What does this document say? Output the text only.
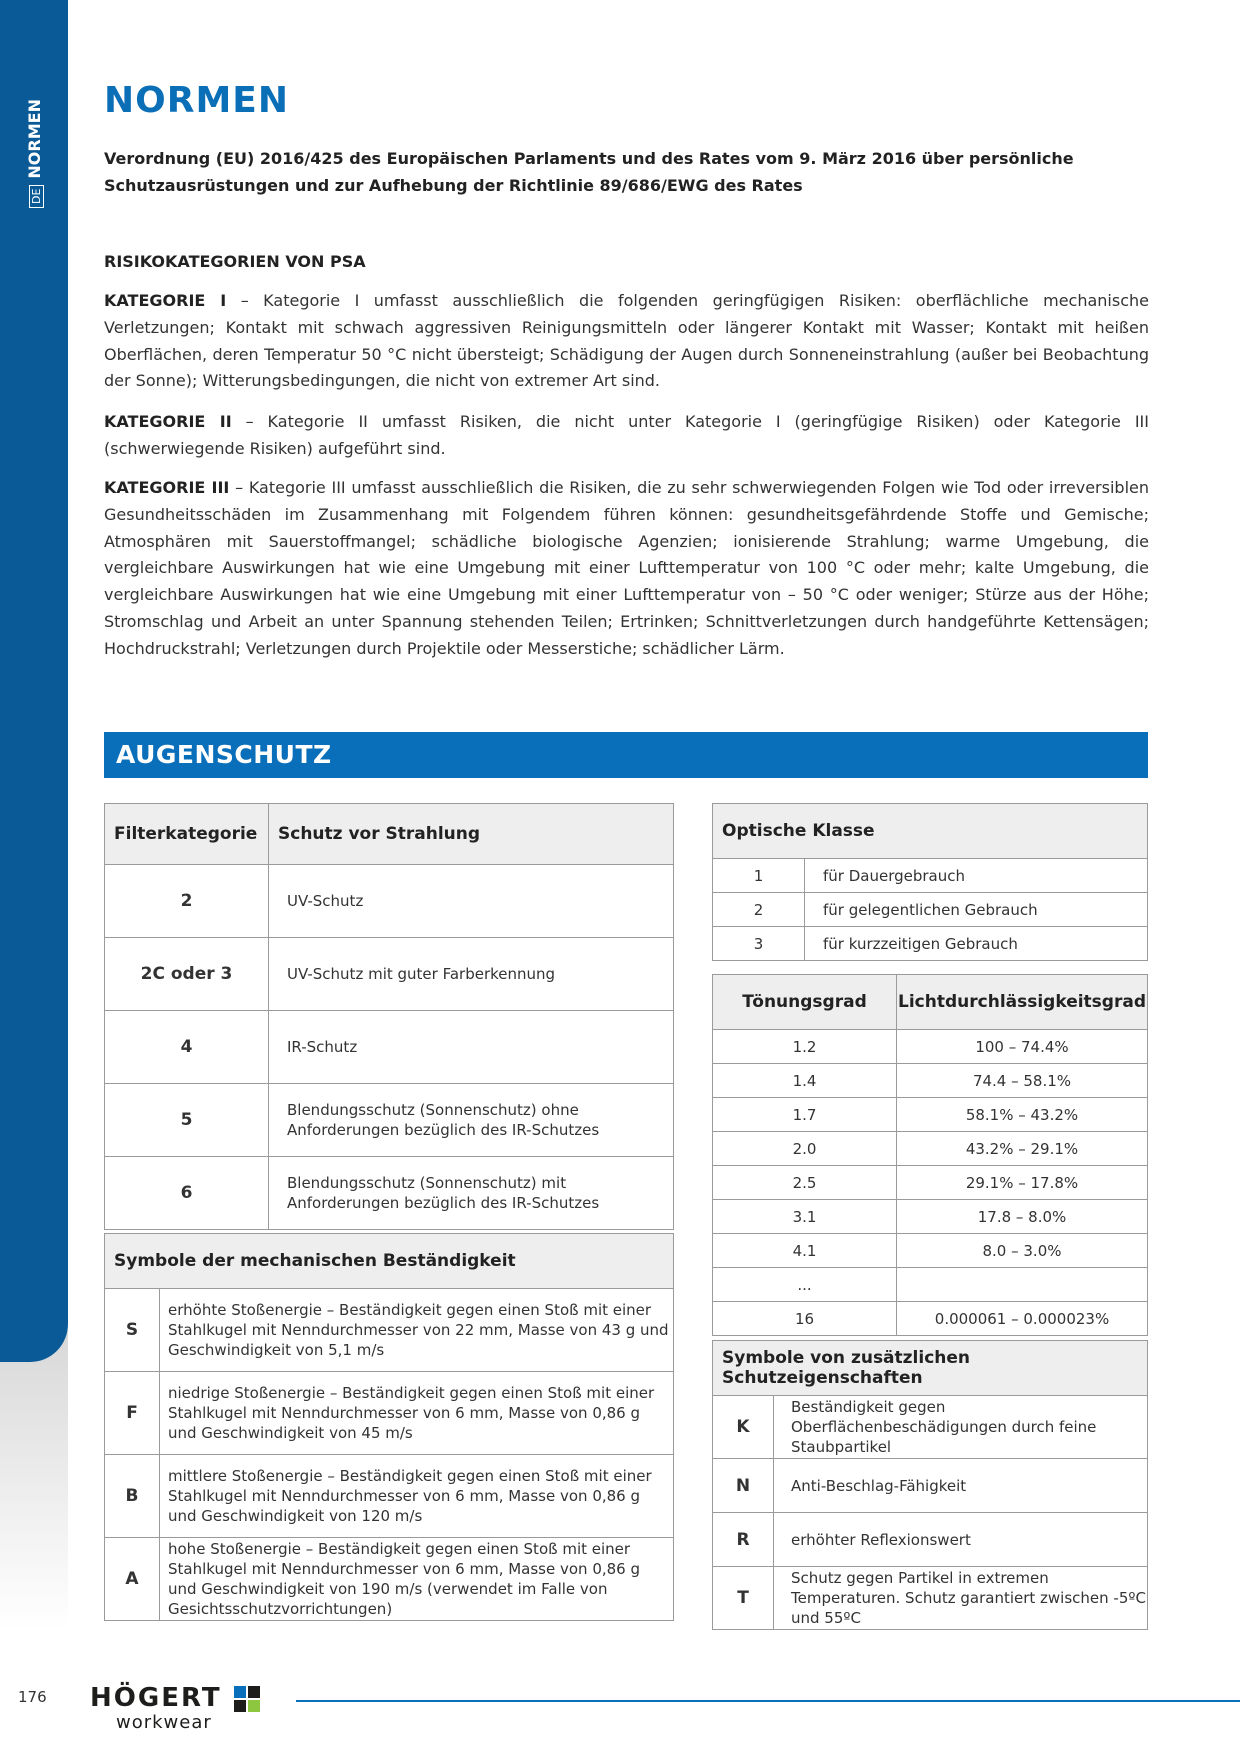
DENORMEN NORMEN

Verordnung (EU) 2016/425 des Europäischen Parlaments und des Rates vom 9. März 2016 über persönliche Schutzausrüstungen und zur Aufhebung der Richtlinie 89/686/EWG des Rates

RISIKOKATEGORIEN VON PSA

KATEGORIE I – Kategorie I umfasst ausschließlich die folgenden geringfügigen Risiken: oberflächliche mechanische Verletzungen; Kontakt mit schwach aggressiven Reinigungsmitteln oder längerer Kontakt mit Wasser; Kontakt mit heißen Oberflächen, deren Temperatur 50 °C nicht übersteigt; Schädigung der Augen durch Sonneneinstrahlung (außer bei Beobachtung der Sonne); Witterungsbedingungen, die nicht von extremer Art sind.

KATEGORIE II – Kategorie II umfasst Risiken, die nicht unter Kategorie I (geringfügige Risiken) oder Kategorie III (schwerwiegende Risiken) aufgeführt sind.

KATEGORIE III – Kategorie III umfasst ausschließlich die Risiken, die zu sehr schwerwiegenden Folgen wie Tod oder irreversiblen Gesundheitsschäden im Zusammenhang mit Folgendem führen können: gesundheitsgefährdende Stoffe und Gemische; Atmosphären mit Sauerstoffmangel; schädliche biologische Agenzien; ionisierende Strahlung; warme Umgebung, die vergleichbare Auswirkungen hat wie eine Umgebung mit einer Lufttemperatur von 100 °C oder mehr; kalte Umgebung, die vergleichbare Auswirkungen hat wie eine Umgebung mit einer Lufttemperatur von – 50 °C oder weniger; Stürze aus der Höhe; Stromschlag und Arbeit an unter Spannung stehenden Teilen; Ertrinken; Schnittverletzungen durch handgeführte Kettensägen; Hochdruckstrahl; Verletzungen durch Projektile oder Messerstiche; schädlicher Lärm.

AUGENSCHUTZ
Filterkategorie	Schutz vor Strahlung
2	UV-Schutz
2C oder 3	UV-Schutz mit guter Farberkennung
4	IR-Schutz
5	Blendungsschutz (Sonnenschutz) ohne Anforderungen bezüglich des IR-Schutzes
6	Blendungsschutz (Sonnenschutz) mit Anforderungen bezüglich des IR-Schutzes
Symbole der mechanischen Beständigkeit	
S	erhöhte Stoßenergie – Beständigkeit gegen einen Stoß mit einer Stahlkugel mit Nenndurchmesser von 22 mm, Masse von 43 g und Geschwindigkeit von 5,1 m/s
F	niedrige Stoßenergie – Beständigkeit gegen einen Stoß mit einer Stahlkugel mit Nenndurchmesser von 6 mm, Masse von 0,86 g und Geschwindigkeit von 45 m/s
B	mittlere Stoßenergie – Beständigkeit gegen einen Stoß mit einer Stahlkugel mit Nenndurchmesser von 6 mm, Masse von 0,86 g und Geschwindigkeit von 120 m/s
A	hohe Stoßenergie – Beständigkeit gegen einen Stoß mit einer Stahlkugel mit Nenndurchmesser von 6 mm, Masse von 0,86 g und Geschwindigkeit von 190 m/s (verwendet im Falle von Gesichtsschutzvorrichtungen)
Optische Klasse	
1	für Dauergebrauch
2	für gelegentlichen Gebrauch
3	für kurzzeitigen Gebrauch
Tönungsgrad	Lichtdurchlässigkeitsgrad
1.2	100 – 74.4%
1.4	74.4 – 58.1%
1.7	58.1% – 43.2%
2.0	43.2% – 29.1%
2.5	29.1% – 17.8%
3.1	17.8 – 8.0%
4.1	8.0 – 3.0%
...	
16	0.000061 – 0.000023%
Symbole von zusätzlichen Schutzeigenschaften	
K	Beständigkeit gegen Oberflächenbeschädigungen durch feine Staubpartikel
N	Anti-Beschlag-Fähigkeit
R	erhöhter Reflexionswert
T	Schutz gegen Partikel in extremen Temperaturen. Schutz garantiert zwischen -5ºC und 55ºC
176 HÖGERT
workwear
